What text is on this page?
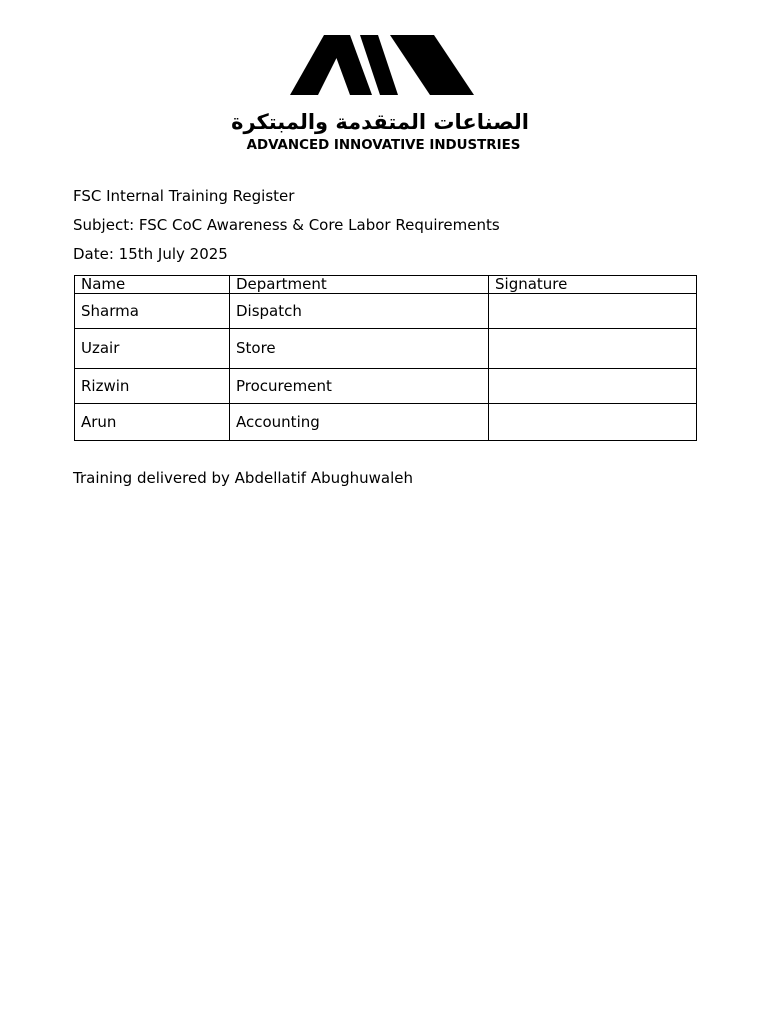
الصناعات المتقدمة والمبتكرة
ADVANCED INNOVATIVE INDUSTRIES
FSC Internal Training Register
Subject: FSC CoC Awareness & Core Labor Requirements
Date: 15th July 2025
Name	Department	Signature
Sharma	Dispatch	
Uzair	Store	
Rizwin	Procurement	
Arun	Accounting	
Training delivered by Abdellatif Abughuwaleh
